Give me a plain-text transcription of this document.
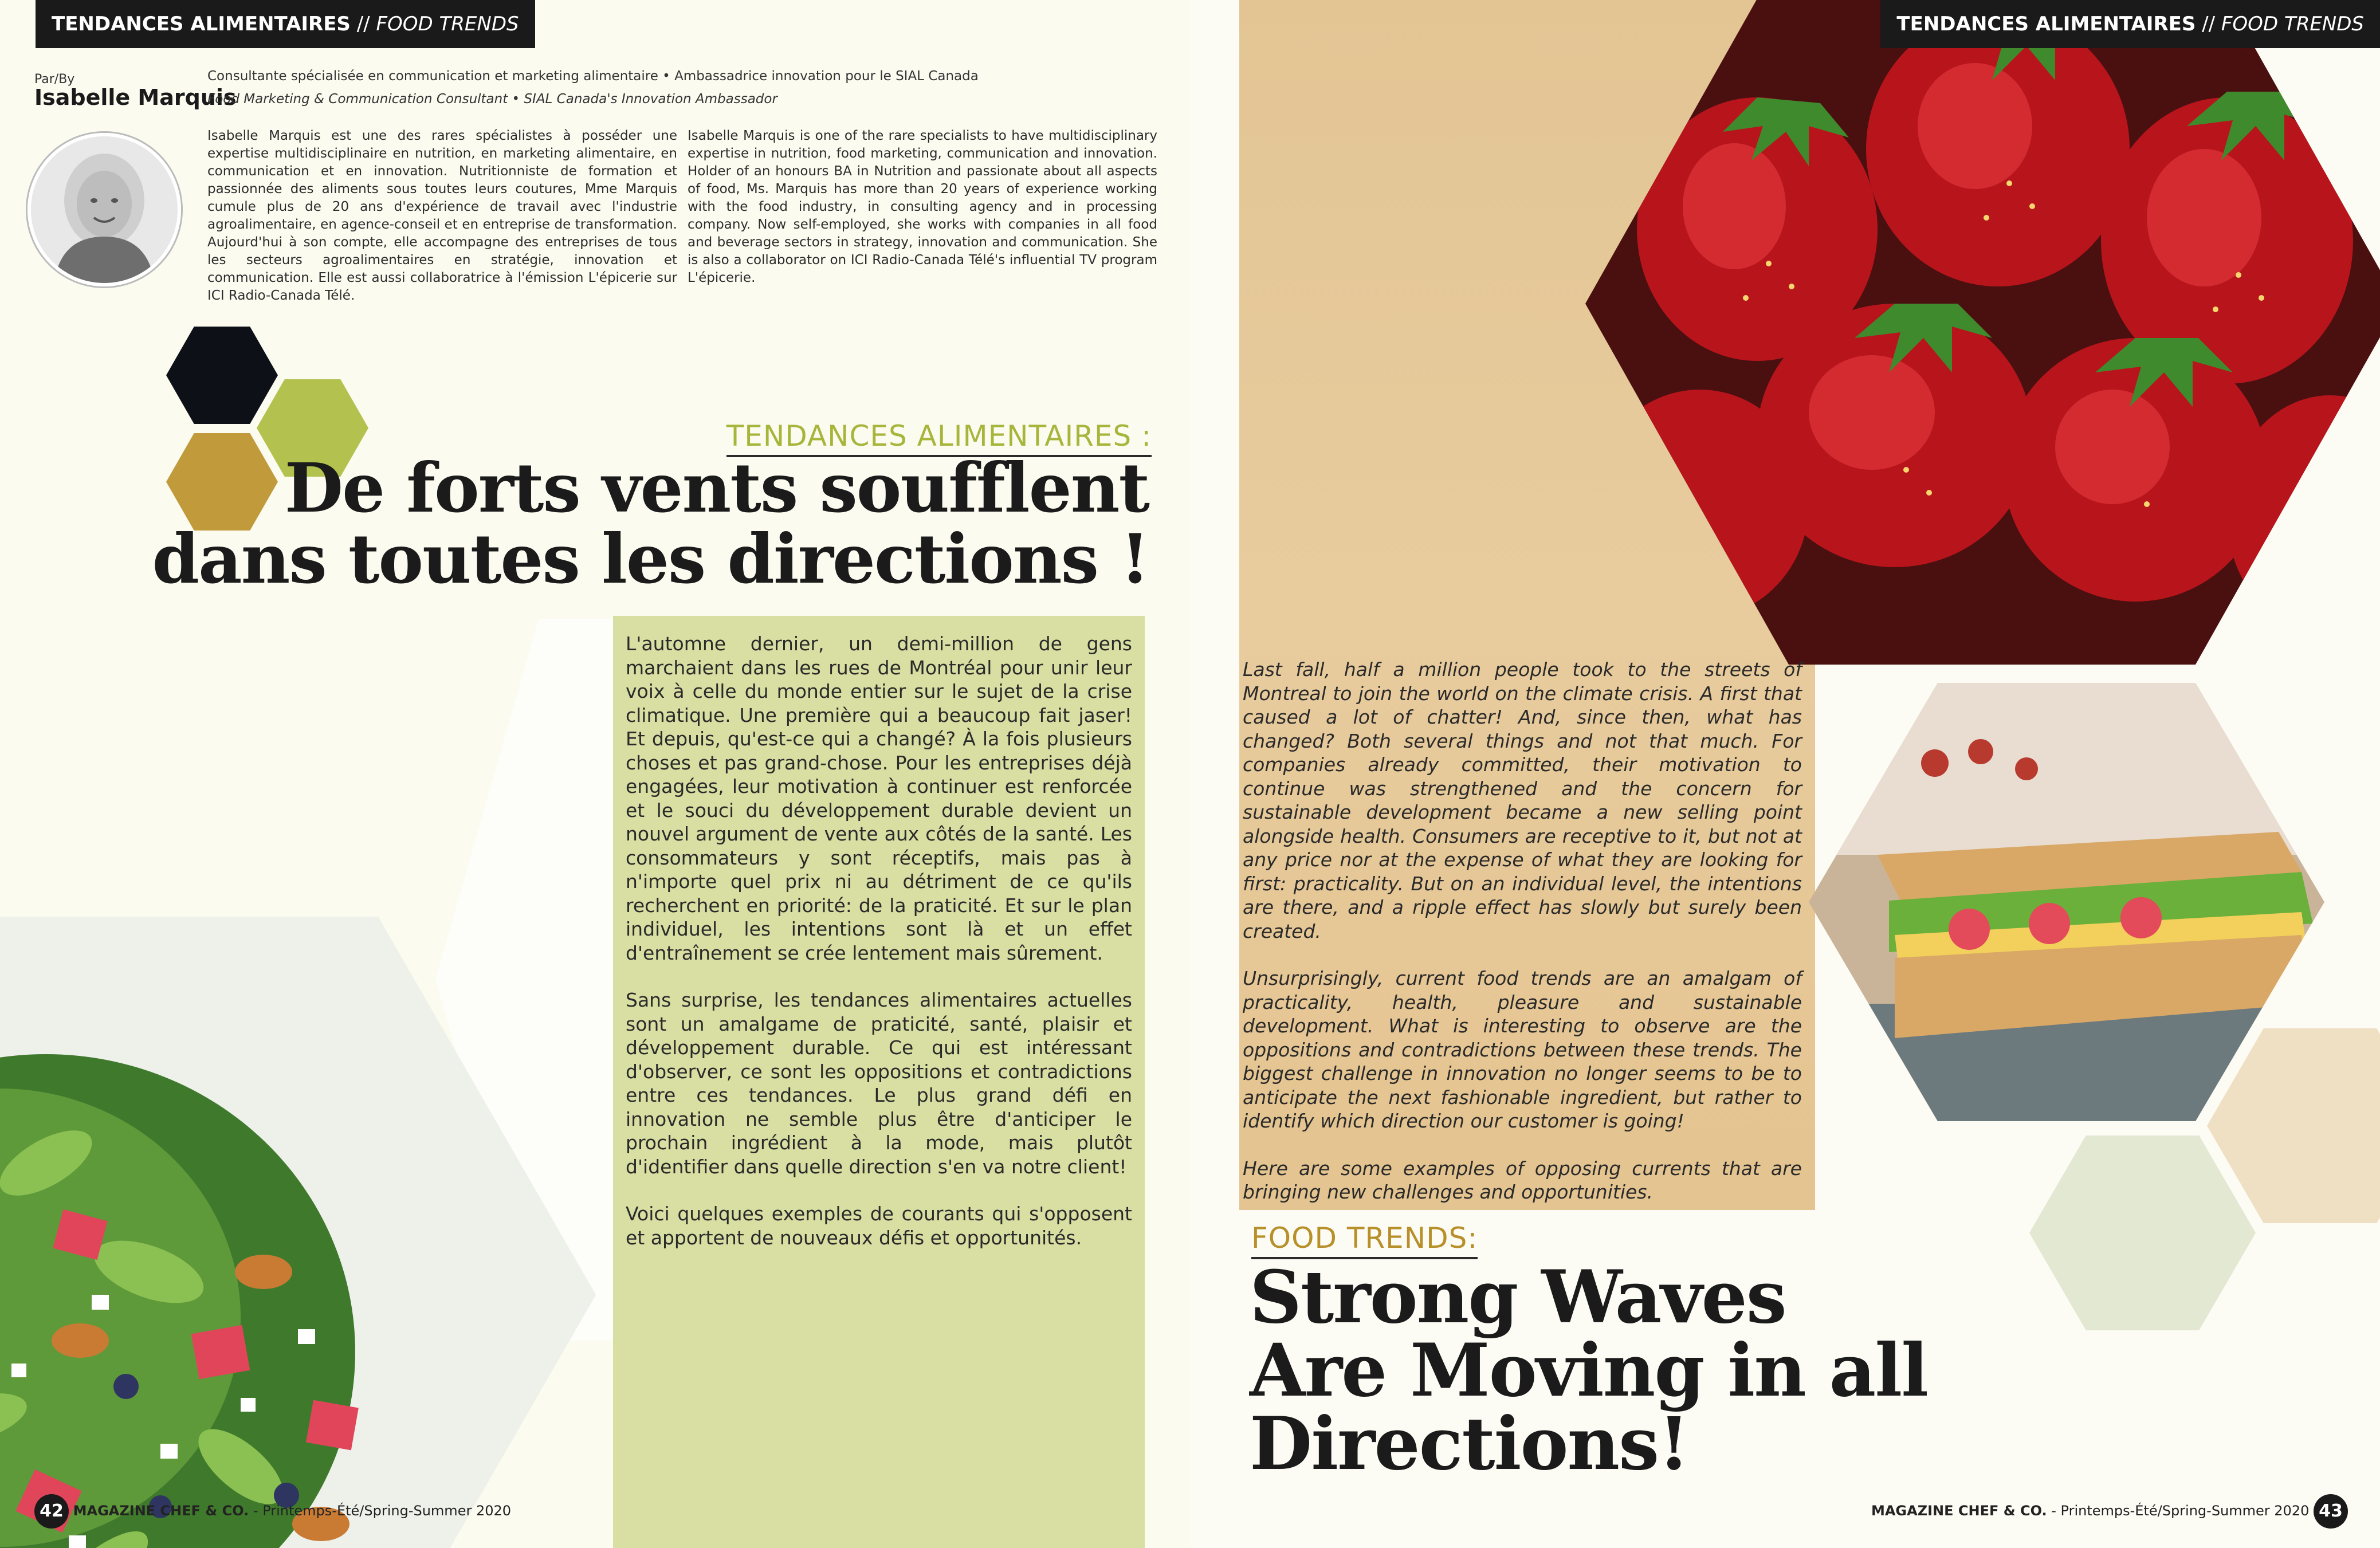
TENDANCES ALIMENTAIRES // FOOD TRENDS
Par/By
Isabelle Marquis
Consultante spécialisée en communication et marketing alimentaire • Ambassadrice innovation pour le SIAL Canada
Food Marketing & Communication Consultant • SIAL Canada's Innovation Ambassador
Isabelle Marquis est une des rares spécialistes à posséder une expertise multidisciplinaire en nutrition, en marketing alimentaire, en communication et en innovation. Nutritionniste de formation et passionnée des aliments sous toutes leurs coutures, Mme Marquis cumule plus de 20 ans d'expérience de travail avec l'industrie agroalimentaire, en agence-conseil et en entreprise de transformation. Aujourd'hui à son compte, elle accompagne des entreprises de tous les secteurs agroalimentaires en stratégie, innovation et communication. Elle est aussi collaboratrice à l'émission L'épicerie sur ICI Radio-Canada Télé.
Isabelle Marquis is one of the rare specialists to have multidisciplinary expertise in nutrition, food marketing, communication and innovation. Holder of an honours BA in Nutrition and passionate about all aspects of food, Ms. Marquis has more than 20 years of experience working with the food industry, in consulting agency and in processing company. Now self-employed, she works with companies in all food and beverage sectors in strategy, innovation and communication. She is also a collaborator on ICI Radio-Canada Télé's influential TV program L'épicerie.
TENDANCES ALIMENTAIRES :
De forts vents soufflent
dans toutes les directions !

L'automne dernier, un demi-million de gens marchaient dans les rues de Montréal pour unir leur voix à celle du monde entier sur le sujet de la crise climatique. Une première qui a beaucoup fait jaser! Et depuis, qu'est-ce qui a changé? À la fois plusieurs choses et pas grand-chose. Pour les entreprises déjà engagées, leur motivation à continuer est renforcée et le souci du développement durable devient un nouvel argument de vente aux côtés de la santé. Les consommateurs y sont réceptifs, mais pas à n'importe quel prix ni au détriment de ce qu'ils recherchent en priorité: de la praticité. Et sur le plan individuel, les intentions sont là et un effet d'entraînement se crée lentement mais sûrement.

Sans surprise, les tendances alimentaires actuelles sont un amalgame de praticité, santé, plaisir et développement durable. Ce qui est intéressant d'observer, ce sont les oppositions et contradictions entre ces tendances. Le plus grand défi en innovation ne semble plus être d'anticiper le prochain ingrédient à la mode, mais plutôt d'identifier dans quelle direction s'en va notre client!

Voici quelques exemples de courants qui s'opposent et apportent de nouveaux défis et opportunités.

42 MAGAZINE CHEF & CO. - Printemps-Été/Spring-Summer 2020
TENDANCES ALIMENTAIRES // FOOD TRENDS

Last fall, half a million people took to the streets of Montreal to join the world on the climate crisis. A first that caused a lot of chatter! And, since then, what has changed? Both several things and not that much. For companies already committed, their motivation to continue was strengthened and the concern for sustainable development became a new selling point alongside health. Consumers are receptive to it, but not at any price nor at the expense of what they are looking for first: practicality. But on an individual level, the intentions are there, and a ripple effect has slowly but surely been created.

Unsurprisingly, current food trends are an amalgam of practicality, health, pleasure and sustainable development. What is interesting to observe are the oppositions and contradictions between these trends. The biggest challenge in innovation no longer seems to be to anticipate the next fashionable ingredient, but rather to identify which direction our customer is going!

Here are some examples of opposing currents that are bringing new challenges and opportunities.

FOOD TRENDS:
Strong Waves
Are Moving in all Directions!
MAGAZINE CHEF & CO. - Printemps-Été/Spring-Summer 2020 43
